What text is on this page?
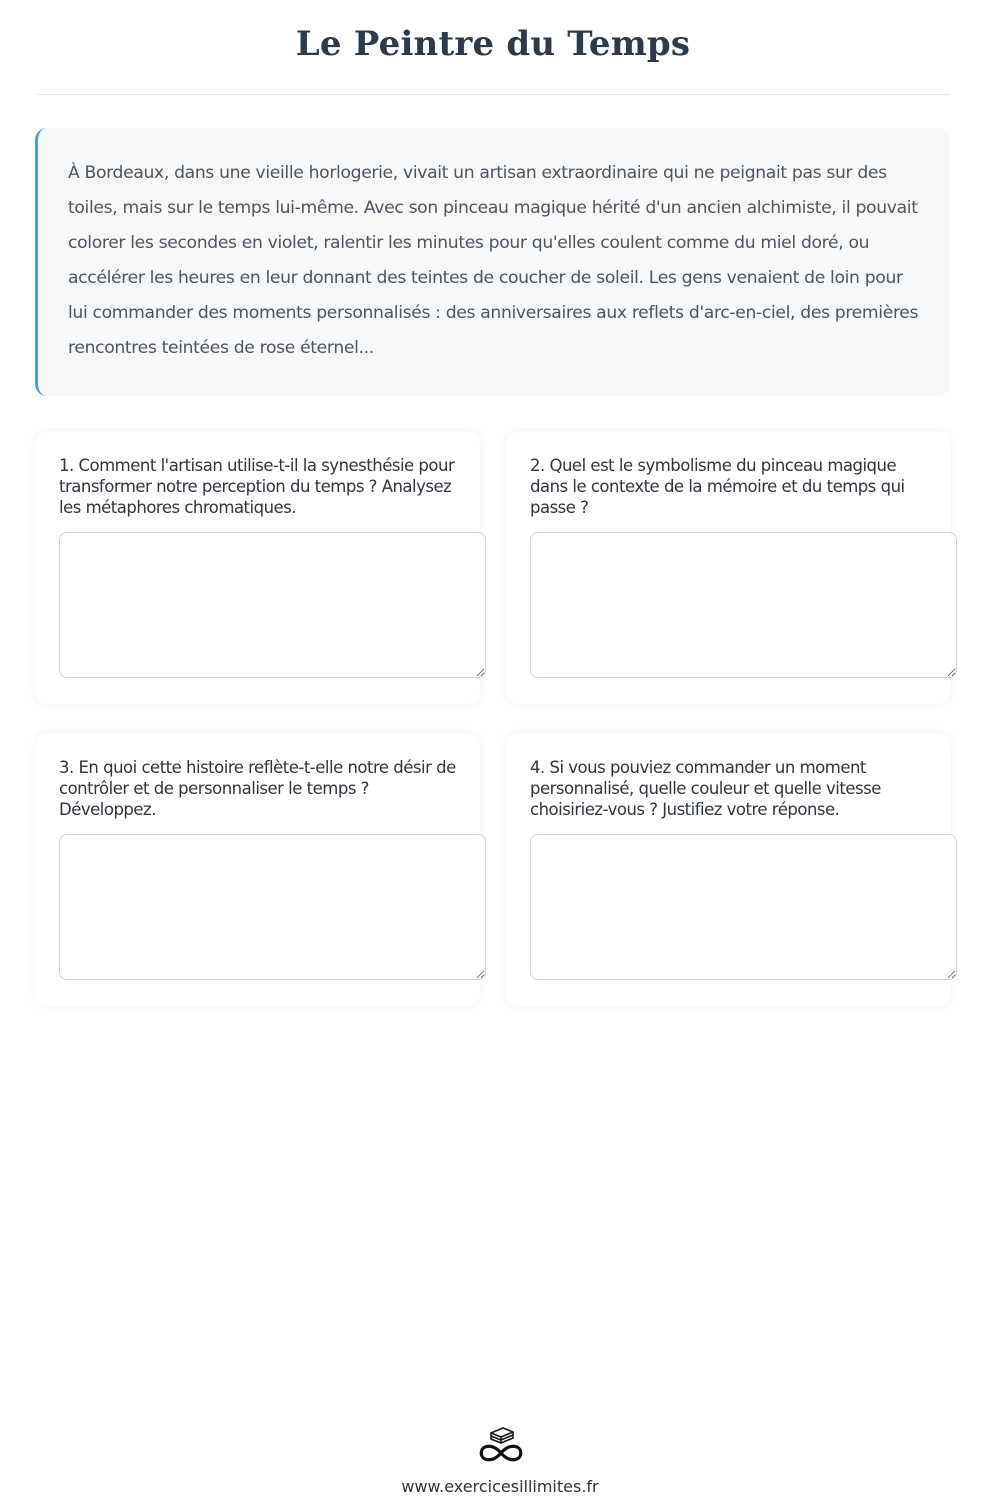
Le Peintre du Temps

À Bordeaux, dans une vieille horlogerie, vivait un artisan extraordinaire qui ne peignait pas sur des toiles, mais sur le temps lui-même. Avec son pinceau magique hérité d'un ancien alchimiste, il pouvait colorer les secondes en violet, ralentir les minutes pour qu'elles coulent comme du miel doré, ou accélérer les heures en leur donnant des teintes de coucher de soleil. Les gens venaient de loin pour lui commander des moments personnalisés : des anniversaires aux reflets d'arc-en-ciel, des premières rencontres teintées de rose éternel...

1. Comment l'artisan utilise-t-il la synesthésie pour transformer notre perception du temps ? Analysez les métaphores chromatiques.

2. Quel est le symbolisme du pinceau magique dans le contexte de la mémoire et du temps qui passe ?

3. En quoi cette histoire reflète-t-elle notre désir de contrôler et de personnaliser le temps ? Développez.

4. Si vous pouviez commander un moment personnalisé, quelle couleur et quelle vitesse choisiriez-vous ? Justifiez votre réponse.

www.exercicesillimites.fr
